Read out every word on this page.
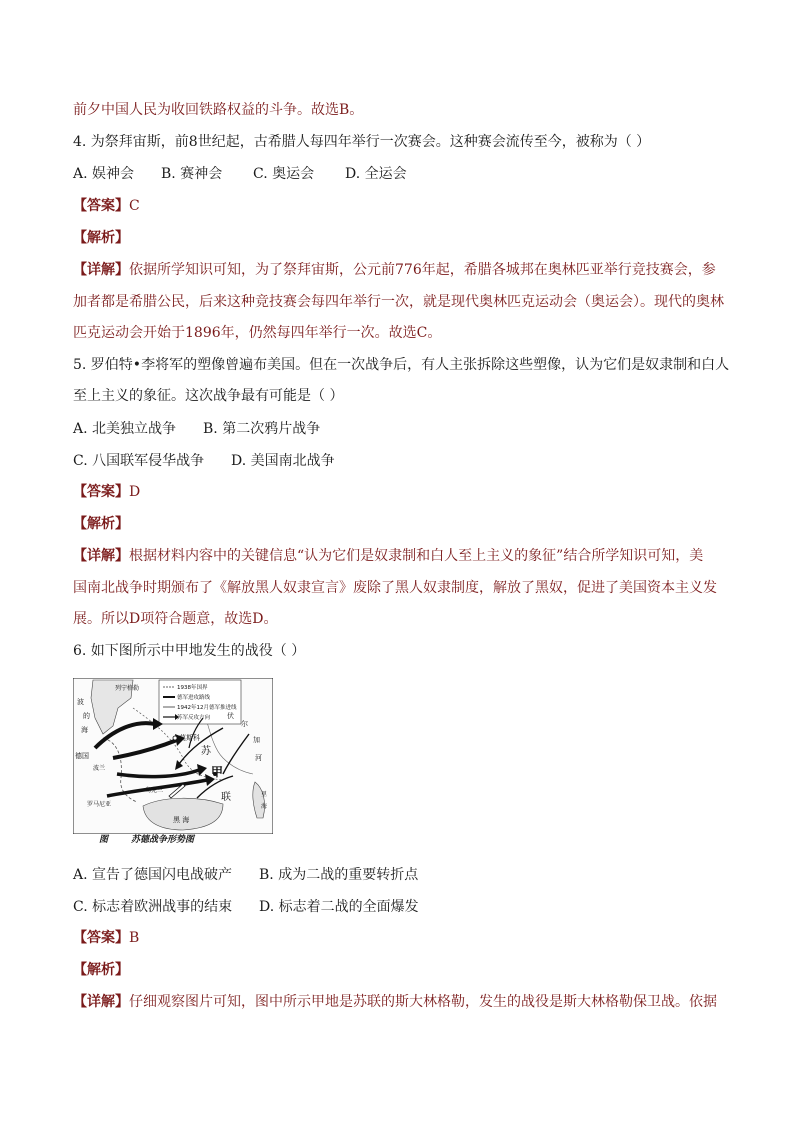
前夕中国人民为收回铁路权益的斗争。故选B。
4. 为祭拜宙斯，前8世纪起，古希腊人每四年举行一次赛会。这种赛会流传至今，被称为（ ）
A. 娱神会 B. 赛神会 C. 奥运会 D. 全运会
【答案】C
【解析】
【详解】依据所学知识可知，为了祭拜宙斯，公元前776年起，希腊各城邦在奥林匹亚举行竞技赛会，参
加者都是希腊公民，后来这种竞技赛会每四年举行一次，就是现代奥林匹克运动会（奥运会）。现代的奥林
匹克运动会开始于1896年，仍然每四年举行一次。故选C。
5. 罗伯特•李将军的塑像曾遍布美国。但在一次战争后，有人主张拆除这些塑像，认为它们是奴隶制和白人
至上主义的象征。这次战争最有可能是（ ）
A. 北美独立战争 B. 第二次鸦片战争
C. 八国联军侵华战争 D. 美国南北战争
【答案】D
【解析】
【详解】根据材料内容中的关键信息“认为它们是奴隶制和白人至上主义的象征”结合所学知识可知，美
国南北战争时期颁布了《解放黑人奴隶宣言》废除了黑人奴隶制度，解放了黑奴，促进了美国资本主义发
展。所以D项符合题意，故选D。
6. 如下图所示中甲地发生的战役（ ）
1938年国界
德军进攻路线
1942年12月德军推进线
苏军反攻方向
列宁格勒
莫斯科
德国
波兰
乌克兰
罗马尼亚
黑 海
苏
联
甲
波
的
海
伏
尔
加
河
里
海
图	苏德战争形势图
A. 宣告了德国闪电战破产 B. 成为二战的重要转折点
C. 标志着欧洲战事的结束 D. 标志着二战的全面爆发
【答案】B
【解析】
【详解】仔细观察图片可知，图中所示甲地是苏联的斯大林格勒，发生的战役是斯大林格勒保卫战。依据
